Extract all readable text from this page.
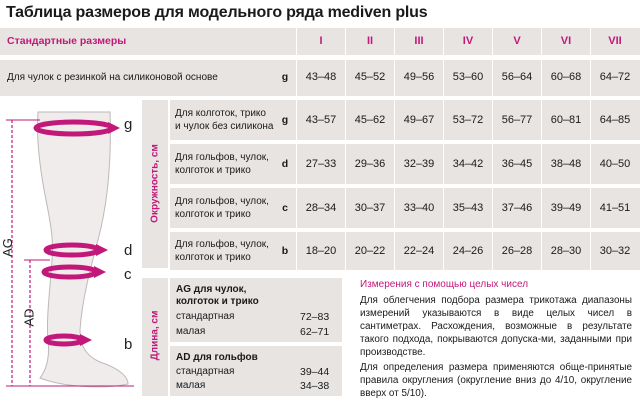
Таблица размеров для модельного ряда mediven plus
Стандартные размеры	I	II	III	IV	V	VI	VII
Для чулок с резинкой на силиконовой основе	g	43–48	45–52	49–56	53–60	56–64	60–68	64–72
Окружность, см
Для колготок, трико
и чулок без силикона
g	43–57	45–62	49–67	53–72	56–77	60–81	64–85
Для гольфов, чулок,
колготок и трико
d	27–33	29–36	32–39	34–42	36–45	38–48	40–50
Для гольфов, чулок,
колготок и трико
c	28–34	30–37	33–40	35–43	37–46	39–49	41–51
Для гольфов, чулок,
колготок и трико
b	18–20	20–22	22–24	24–26	26–28	28–30	30–32
Длина, см
AG для чулок,
колготок и трико
стандартная	72–83
малая	62–71
AD для гольфов
стандартная	39–44
малая	34–38
Измерения с помощью целых чисел
Для облегчения подбора размера трикотажа диапазоны измерений указываются в виде целых чисел в сантиметрах. Расхождения, возможные в результате такого подхода, покрываются допуска-ми, заданными при производстве.
Для определения размера применяются обще-принятые правила округления (округление вниз до 4/10, округление вверх от 5/10).
g
d
c
b
AG
AD
